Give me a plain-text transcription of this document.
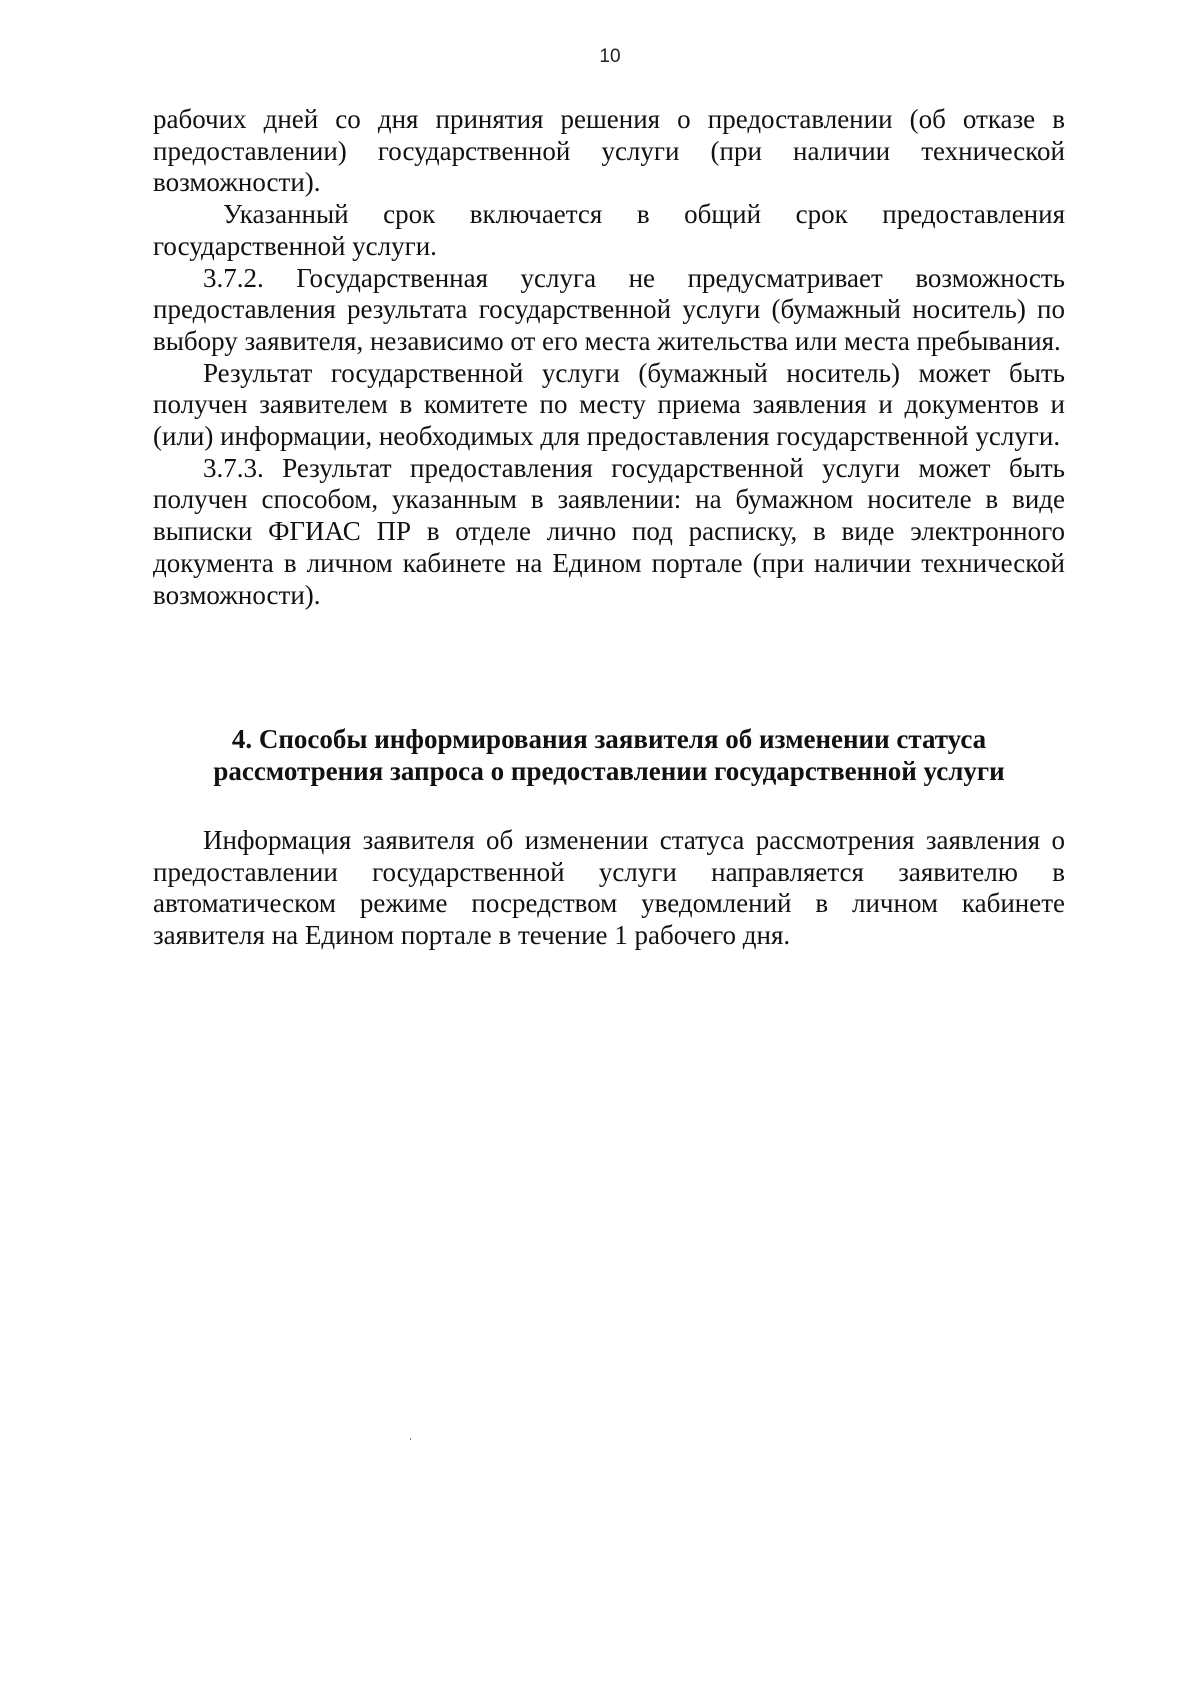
10

рабочих дней со дня принятия решения о предоставлении (об отказе в предоставлении) государственной услуги (при наличии технической возможности).

Указанный срок включается в общий срок предоставления государственной услуги.

3.7.2. Государственная услуга не предусматривает возможность предоставления результата государственной услуги (бумажный носитель) по выбору заявителя, независимо от его места жительства или места пребывания.

Результат государственной услуги (бумажный носитель) может быть получен заявителем в комитете по месту приема заявления и документов и (или) информации, необходимых для предоставления государственной услуги.

3.7.3. Результат предоставления государственной услуги может быть получен способом, указанным в заявлении: на бумажном носителе в виде выписки ФГИАС ПР в отделе лично под расписку, в виде электронного документа в личном кабинете на Едином портале (при наличии технической возможности).

4. Способы информирования заявителя об изменении статуса
рассмотрения запроса о предоставлении государственной услуги

Информация заявителя об изменении статуса рассмотрения заявления о предоставлении государственной услуги направляется заявителю в автоматическом режиме посредством уведомлений в личном кабинете заявителя на Едином портале в течение 1 рабочего дня.
